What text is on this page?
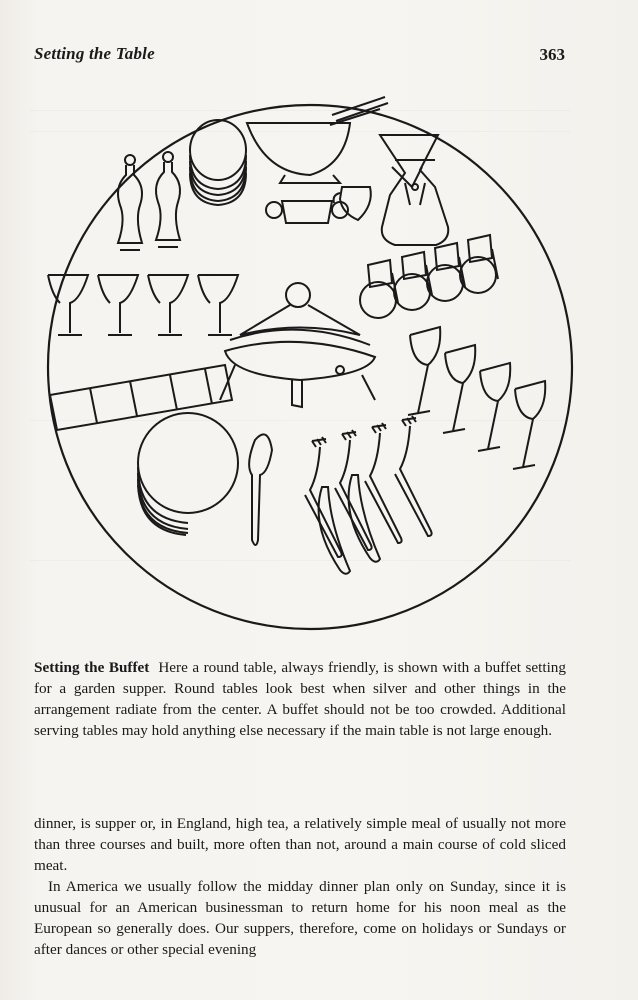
Setting the Table	363
Setting the Buffet Here a round table, always friendly, is shown with a buffet setting for a garden supper. Round tables look best when silver and other things in the arrangement radiate from the center. A buffet should not be too crowded. Additional serving tables may hold anything else necessary if the main table is not large enough.

dinner, is supper or, in England, high tea, a relatively simple meal of usually not more than three courses and built, more often than not, around a main course of cold sliced meat.

In America we usually follow the midday dinner plan only on Sunday, since it is unusual for an American businessman to return home for his noon meal as the European so generally does. Our suppers, therefore, come on holidays or Sundays or after dances or other special evening
